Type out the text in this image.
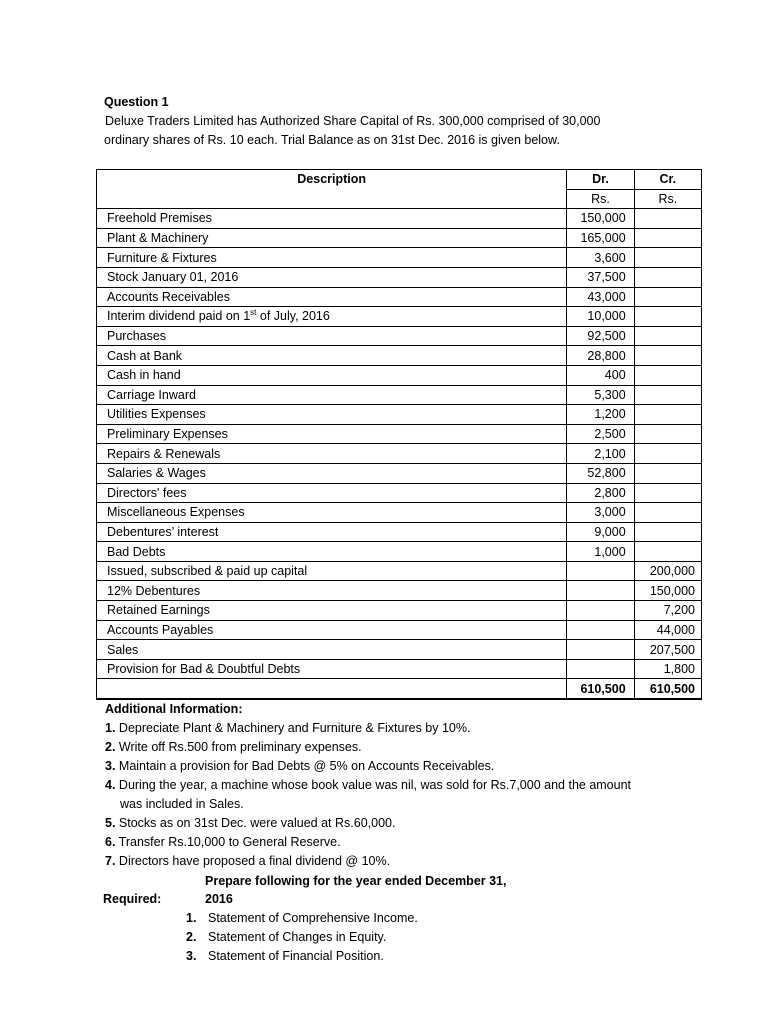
Question 1
Deluxe Traders Limited has Authorized Share Capital of Rs. 300,000 comprised of 30,000
ordinary shares of Rs. 10 each. Trial Balance as on 31st Dec. 2016 is given below.
Description	Dr.	Cr.
	Rs.	Rs.
Freehold Premises	150,000	
Plant & Machinery	165,000	
Furniture & Fixtures	3,600	
Stock January 01, 2016	37,500	
Accounts Receivables	43,000	
Interim dividend paid on 1st of July, 2016	10,000	
Purchases	92,500	
Cash at Bank	28,800	
Cash in hand	400	
Carriage Inward	5,300	
Utilities Expenses	1,200	
Preliminary Expenses	2,500	
Repairs & Renewals	2,100	
Salaries & Wages	52,800	
Directors' fees	2,800	
Miscellaneous Expenses	3,000	
Debentures’ interest	9,000	
Bad Debts	1,000	
Issued, subscribed & paid up capital		200,000
12% Debentures		150,000
Retained Earnings		7,200
Accounts Payables		44,000
Sales		207,500
Provision for Bad & Doubtful Debts		1,800
	610,500	610,500
Additional Information:
1. Depreciate Plant & Machinery and Furniture & Fixtures by 10%.
2. Write off Rs.500 from preliminary expenses.
3. Maintain a provision for Bad Debts @ 5% on Accounts Receivables.
4. During the year, a machine whose book value was nil, was sold for Rs.7,000 and the amount
was included in Sales.
5. Stocks as on 31st Dec. were valued at Rs.60,000.
6. Transfer Rs.10,000 to General Reserve.
7. Directors have proposed a final dividend @ 10%.
Prepare following for the year ended December 31,
Required:	2016
1. Statement of Comprehensive Income.
2. Statement of Changes in Equity.
3. Statement of Financial Position.
